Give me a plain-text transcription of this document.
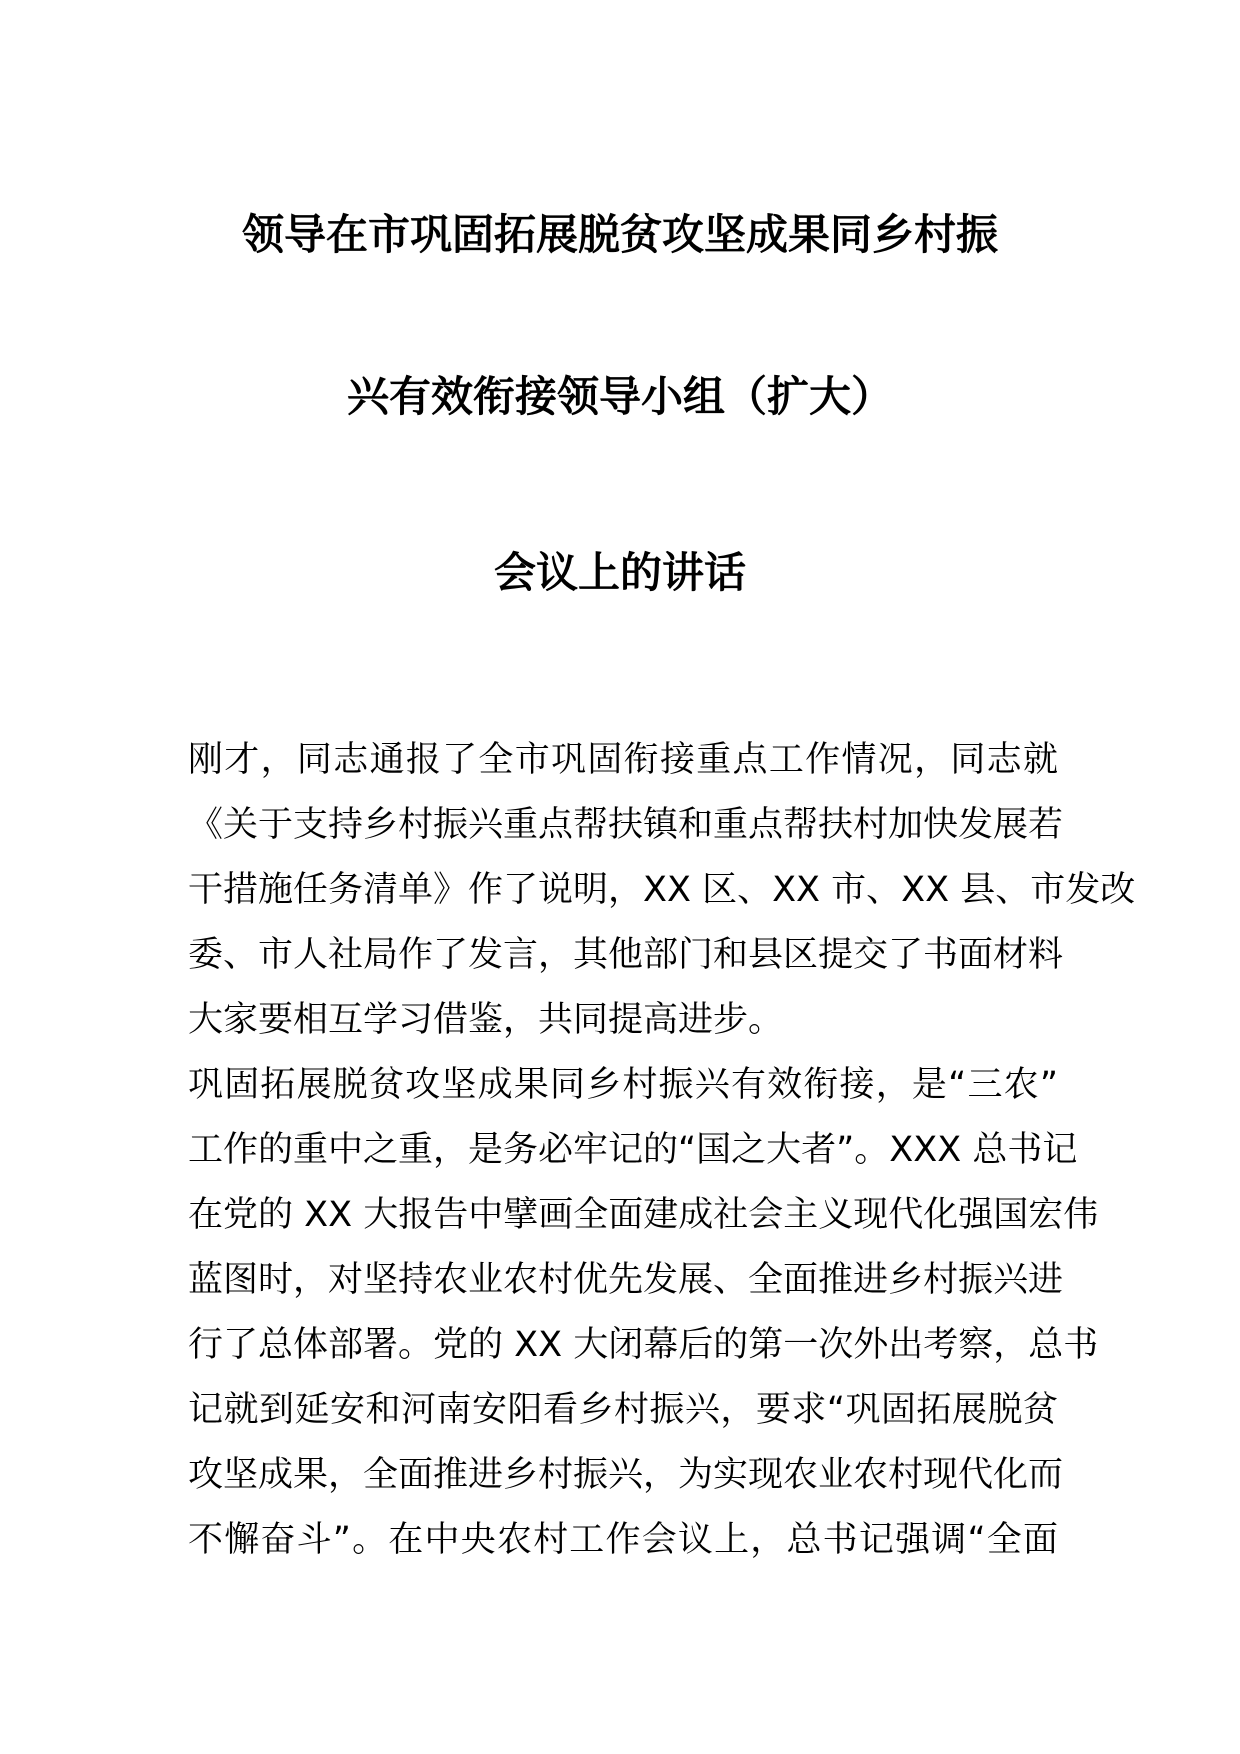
领导在市巩固拓展脱贫攻坚成果同乡村振
兴有效衔接领导小组（扩大）
会议上的讲话
刚才，同志通报了全市巩固衔接重点工作情况，同志就
《关于支持乡村振兴重点帮扶镇和重点帮扶村加快发展若
干措施任务清单》作了说明，XX 区、XX 市、XX 县、市发改
委、市人社局作了发言，其他部门和县区提交了书面材料
大家要相互学习借鉴，共同提高进步。
巩固拓展脱贫攻坚成果同乡村振兴有效衔接，是“三农”
工作的重中之重，是务必牢记的“国之大者”。XXX 总书记
在党的 XX 大报告中擘画全面建成社会主义现代化强国宏伟
蓝图时，对坚持农业农村优先发展、全面推进乡村振兴进
行了总体部署。党的 XX 大闭幕后的第一次外出考察，总书
记就到延安和河南安阳看乡村振兴，要求“巩固拓展脱贫
攻坚成果，全面推进乡村振兴，为实现农业农村现代化而
不懈奋斗”。在中央农村工作会议上，总书记强调“全面
